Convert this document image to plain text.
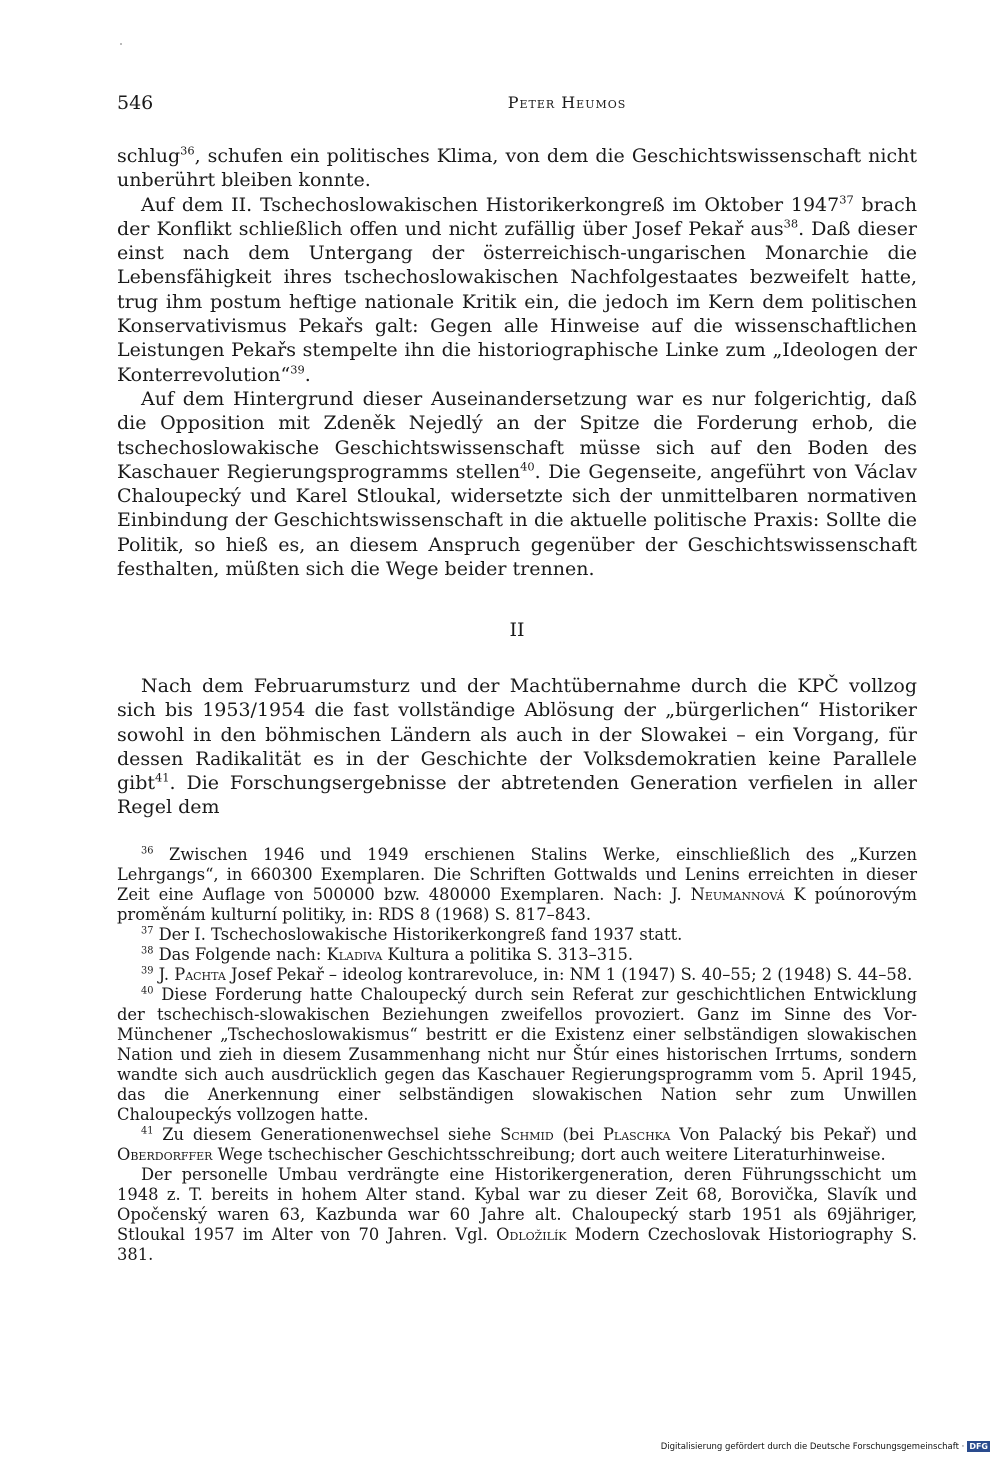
546	Peter Heumos

schlug$^{36}$, schufen ein politisches Klima, von dem die Geschichtswissenschaft nicht unberührt bleiben konnte.

Auf dem II. Tschechoslowakischen Historikerkongreß im Oktober 1947$^{37}$ brach der Konflikt schließlich offen und nicht zufällig über Josef Pekař aus$^{38}$. Daß dieser einst nach dem Untergang der österreichisch-ungarischen Monarchie die Lebensfähigkeit ihres tschechoslowakischen Nachfolgestaates bezweifelt hatte, trug ihm postum heftige nationale Kritik ein, die jedoch im Kern dem politischen Konservativismus Pekařs galt: Gegen alle Hinweise auf die wissenschaftlichen Leistungen Pekařs stempelte ihn die historiographische Linke zum „Ideologen der Konterrevolution“$^{39}$.

Auf dem Hintergrund dieser Auseinandersetzung war es nur folgerichtig, daß die Opposition mit Zdeněk Nejedlý an der Spitze die Forderung erhob, die tschechoslowakische Geschichtswissenschaft müsse sich auf den Boden des Kaschauer Regierungsprogramms stellen$^{40}$. Die Gegenseite, angeführt von Václav Chaloupecký und Karel Stloukal, widersetzte sich der unmittelbaren normativen Einbindung der Geschichtswissenschaft in die aktuelle politische Praxis: Sollte die Politik, so hieß es, an diesem Anspruch gegenüber der Geschichtswissenschaft festhalten, müßten sich die Wege beider trennen.

II

Nach dem Februarumsturz und der Machtübernahme durch die KPČ vollzog sich bis 1953/1954 die fast vollständige Ablösung der „bürgerlichen“ Historiker sowohl in den böhmischen Ländern als auch in der Slowakei – ein Vorgang, für dessen Radikalität es in der Geschichte der Volksdemokratien keine Parallele gibt$^{41}$. Die Forschungsergebnisse der abtretenden Generation verfielen in aller Regel dem

$^{36}$ Zwischen 1946 und 1949 erschienen Stalins Werke, einschließlich des „Kurzen Lehrgangs“, in 660300 Exemplaren. Die Schriften Gottwalds und Lenins erreichten in dieser Zeit eine Auflage von 500000 bzw. 480000 Exemplaren. Nach: J. Neumannová K poúnorovým proměnám kulturní politiky, in: RDS 8 (1968) S. 817–843.

$^{37}$ Der I. Tschechoslowakische Historikerkongreß fand 1937 statt.

$^{38}$ Das Folgende nach: Kladiva Kultura a politika S. 313–315.

$^{39}$ J. Pachta Josef Pekař – ideolog kontrarevoluce, in: NM 1 (1947) S. 40–55; 2 (1948) S. 44–58.

$^{40}$ Diese Forderung hatte Chaloupecký durch sein Referat zur geschichtlichen Entwicklung der tschechisch-slowakischen Beziehungen zweifellos provoziert. Ganz im Sinne des Vor-Münchener „Tschechoslowakismus“ bestritt er die Existenz einer selbständigen slowakischen Nation und zieh in diesem Zusammenhang nicht nur Štúr eines historischen Irrtums, sondern wandte sich auch ausdrücklich gegen das Kaschauer Regierungsprogramm vom 5. April 1945, das die Anerkennung einer selbständigen slowakischen Nation sehr zum Unwillen Chaloupeckýs vollzogen hatte.

$^{41}$ Zu diesem Generationenwechsel siehe Schmid (bei Plaschka Von Palacký bis Pekař) und Oberdorffer Wege tschechischer Geschichtsschreibung; dort auch weitere Literaturhinweise.

Der personelle Umbau verdrängte eine Historikergeneration, deren Führungsschicht um 1948 z. T. bereits in hohem Alter stand. Kybal war zu dieser Zeit 68, Borovička, Slavík und Opočenský waren 63, Kazbunda war 60 Jahre alt. Chaloupecký starb 1951 als 69jähriger, Stloukal 1957 im Alter von 70 Jahren. Vgl. Odložilík Modern Czechoslovak Historiography S. 381.

Digitalisierung gefördert durch die Deutsche Forschungsgemeinschaft · DFG
